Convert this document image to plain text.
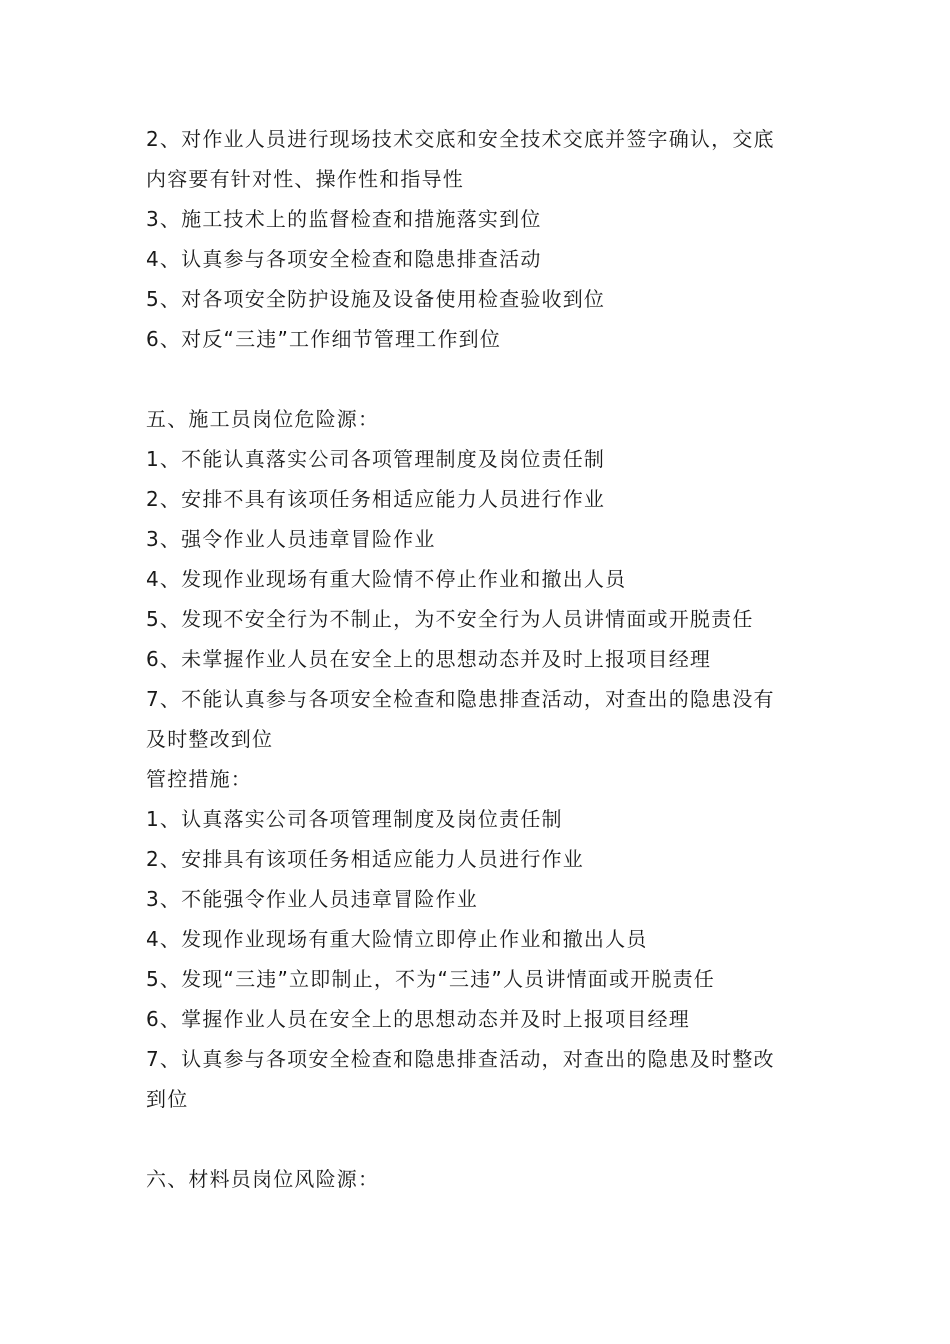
2、对作业人员进行现场技术交底和安全技术交底并签字确认，交底
内容要有针对性、操作性和指导性
3、施工技术上的监督检查和措施落实到位
4、认真参与各项安全检查和隐患排查活动
5、对各项安全防护设施及设备使用检查验收到位
6、对反“三违”工作细节管理工作到位
五、施工员岗位危险源：
1、不能认真落实公司各项管理制度及岗位责任制
2、安排不具有该项任务相适应能力人员进行作业
3、强令作业人员违章冒险作业
4、发现作业现场有重大险情不停止作业和撤出人员
5、发现不安全行为不制止，为不安全行为人员讲情面或开脱责任
6、未掌握作业人员在安全上的思想动态并及时上报项目经理
7、不能认真参与各项安全检查和隐患排查活动，对查出的隐患没有
及时整改到位
管控措施：
1、认真落实公司各项管理制度及岗位责任制
2、安排具有该项任务相适应能力人员进行作业
3、不能强令作业人员违章冒险作业
4、发现作业现场有重大险情立即停止作业和撤出人员
5、发现“三违”立即制止，不为“三违”人员讲情面或开脱责任
6、掌握作业人员在安全上的思想动态并及时上报项目经理
7、认真参与各项安全检查和隐患排查活动，对查出的隐患及时整改
到位
六、材料员岗位风险源：
